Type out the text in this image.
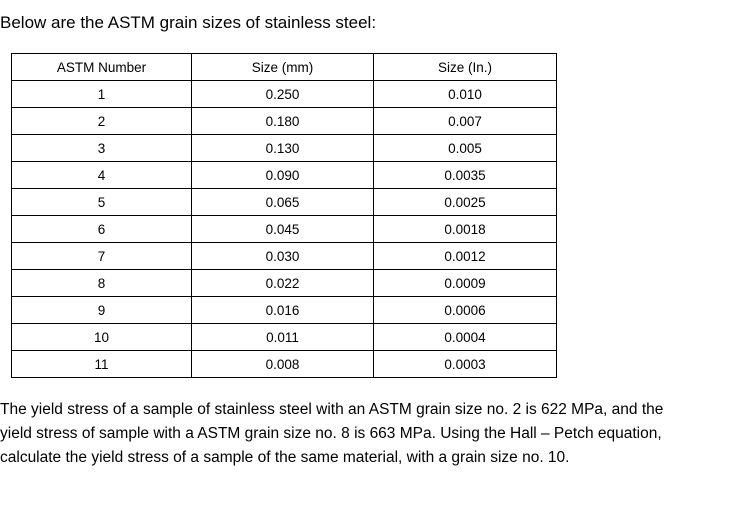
Below are the ASTM grain sizes of stainless steel:
ASTM Number	Size (mm)	Size (In.)
1	0.250	0.010
2	0.180	0.007
3	0.130	0.005
4	0.090	0.0035
5	0.065	0.0025
6	0.045	0.0018
7	0.030	0.0012
8	0.022	0.0009
9	0.016	0.0006
10	0.011	0.0004
11	0.008	0.0003

The yield stress of a sample of stainless steel with an ASTM grain size no. 2 is 622 MPa, and the

yield stress of sample with a ASTM grain size no. 8 is 663 MPa. Using the Hall – Petch equation,

calculate the yield stress of a sample of the same material, with a grain size no. 10.
